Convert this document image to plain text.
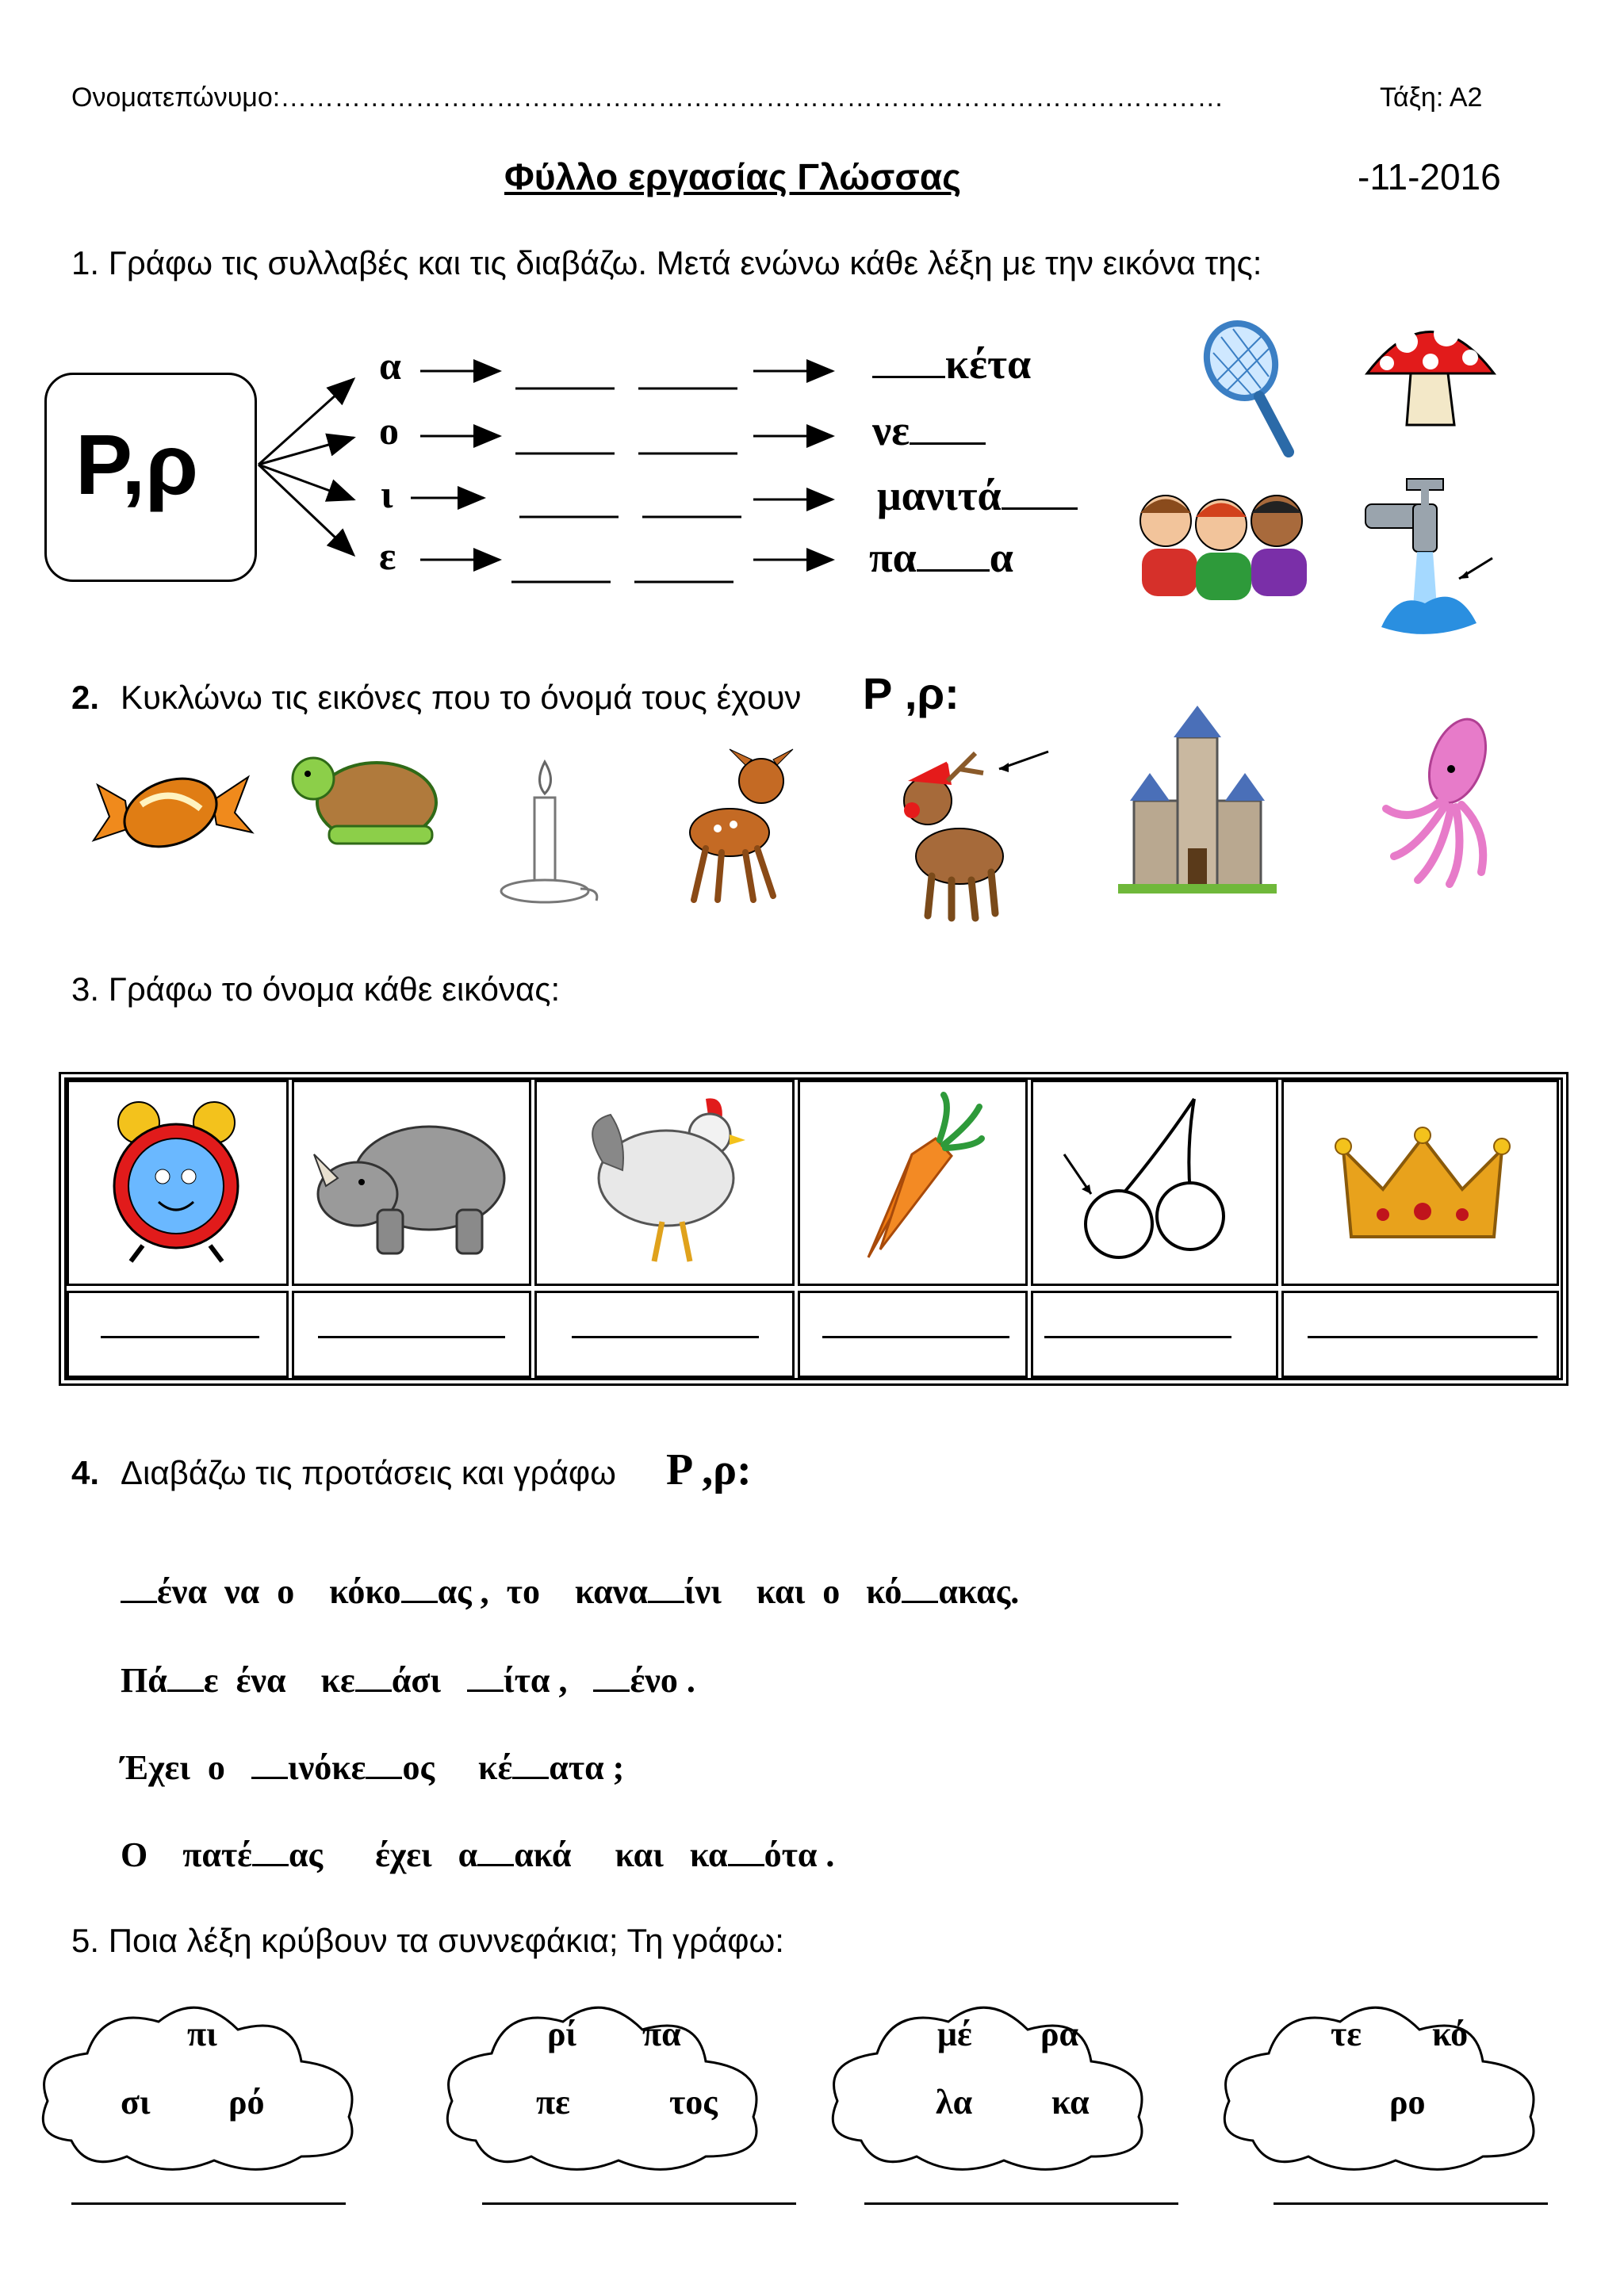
Ονοματεπώνυμο:……………………………………………………………………………………………	Τάξη: Α2
Φύλλο εργασίας Γλώσσας	-11-2016
1. Γράφω τις συλλαβές και τις διαβάζω. Μετά ενώνω κάθε λέξη με την εικόνα της:
Ρ,ρ
α
ο
ι
ε
κέτα
νε
μανιτά
πα α
2. Κυκλώνω τις εικόνες που το όνομά τους έχουν Ρ ,ρ:
3. Γράφω το όνομα κάθε εικόνας:
4. Διαβάζω τις προτάσεις και γράφω Ρ ,ρ:
ένα  να  ο    κόκο ας ,  το    κανα ίνι    και  ο   κό ακας.
Πά ε  ένα    κε άσι   ίτα ,   ένο .
Έχει  ο   ινόκε ος     κέ ατα ;
Ο    πατέ ας      έχει   α ακά     και   κα ότα .
5. Ποια λέξη κρύβουν τα συννεφάκια; Τη γράφω:
πι
σι ρό
ρί πα
πε	τος
μέ ρα
λα κα
τε κό
ρο
